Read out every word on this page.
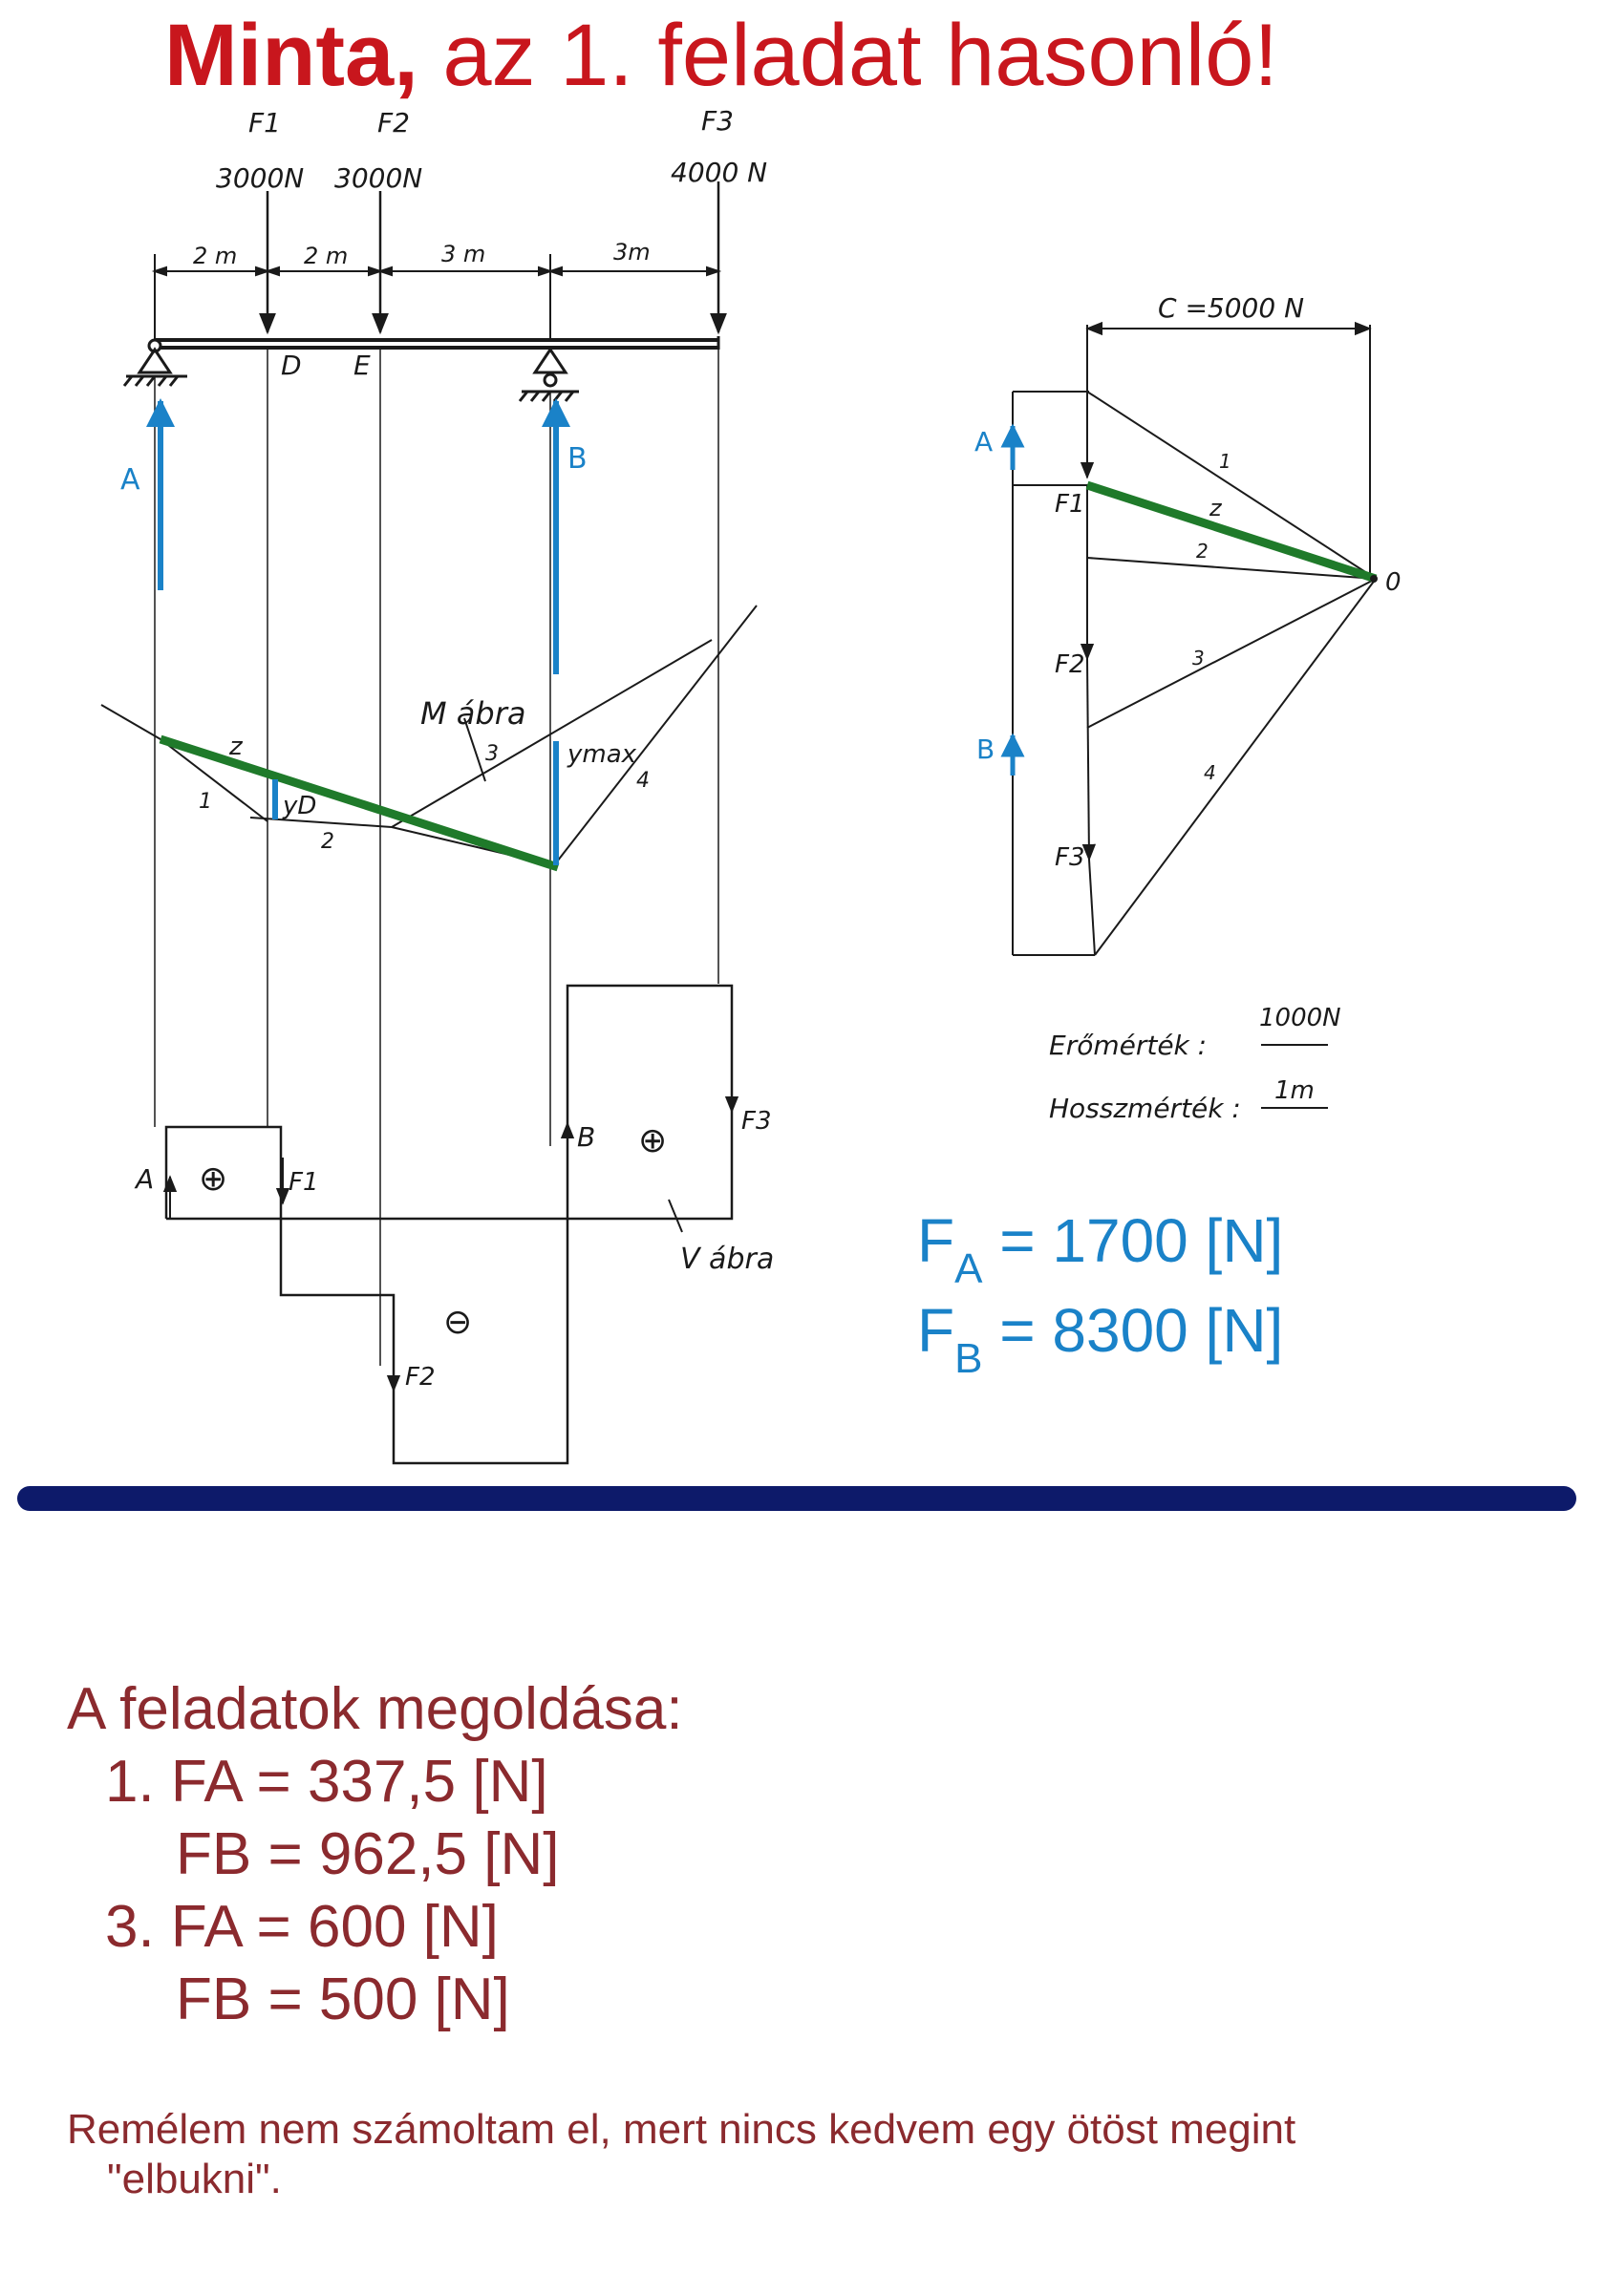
Minta, az 1. feladat hasonló!
F1	F2	F3
3000N 3000N	4000 N
2 m	2 m	3 m	3m
D E
A
B
M ábra
z
1
2
3
4
yD
ymax
⊕
⊖
⊕
A	F1
F2
B	F3
V ábra
C =5000 N
0
A
B
F1
F2
F3
z
1
2
3
4
Erőmérték :
1000N
Hosszmérték :
1m
$F_A = 1700$ [N]
$F_B = 8300$ [N]
A feladatok megoldása:
1. FA = 337,5 [N]
FB = 962,5 [N]
3. FA = 600 [N]
FB = 500 [N]
Remélem nem számoltam el, mert nincs kedvem egy ötöst megint
"elbukni".
